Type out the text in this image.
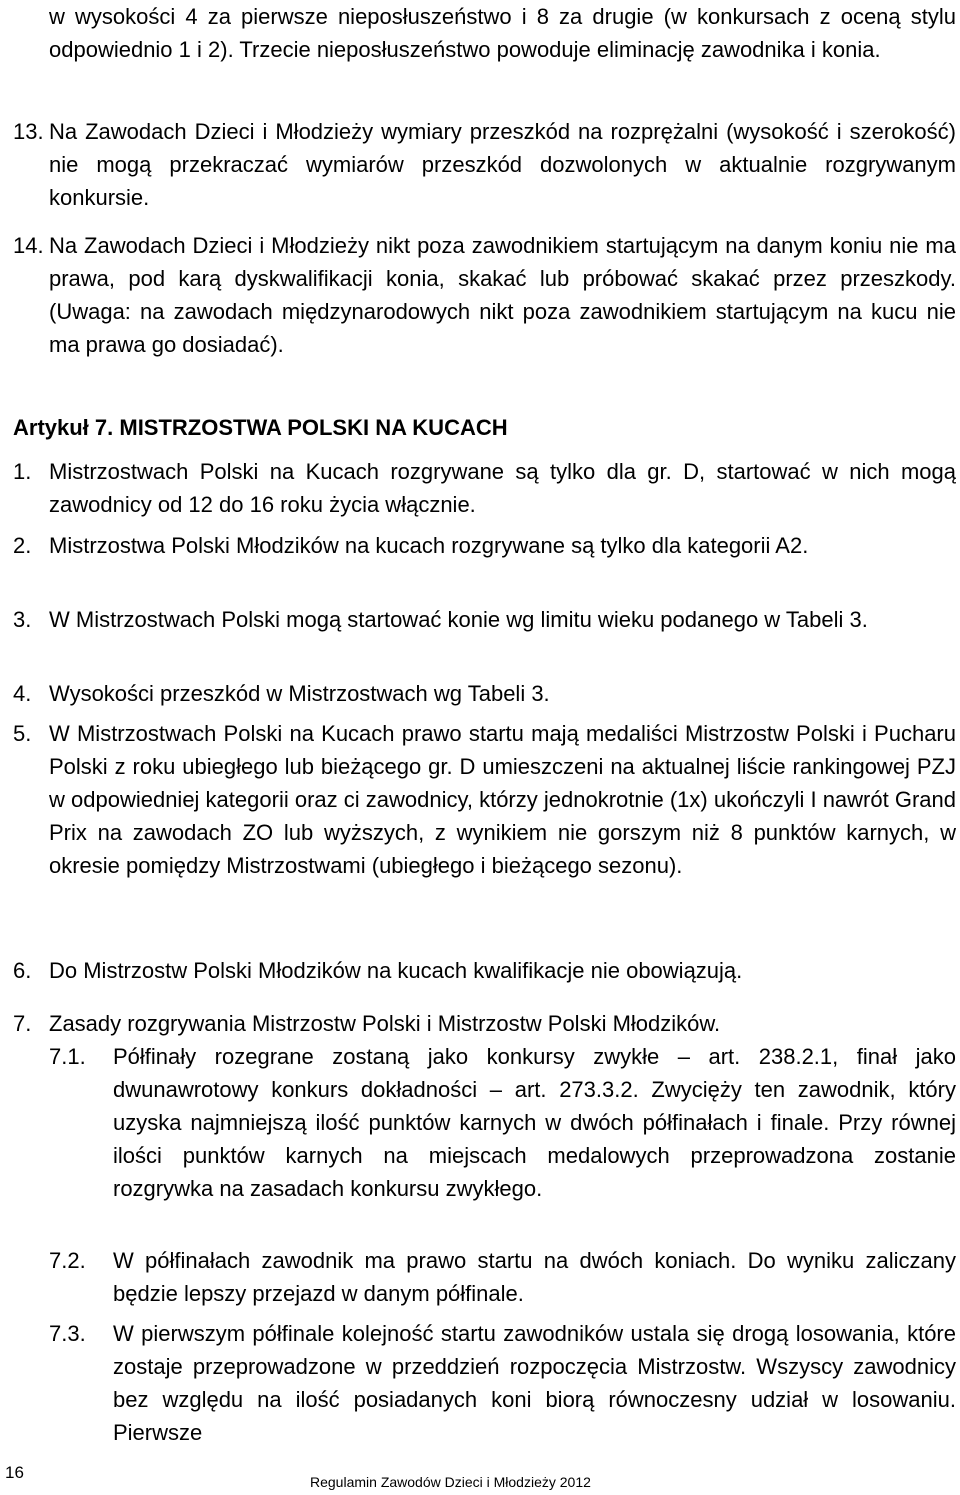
w wysokości 4 za pierwsze nieposłuszeństwo i 8 za drugie (w konkursach z oceną stylu odpowiednio 1 i 2). Trzecie nieposłuszeństwo powoduje eliminację zawodnika i konia.

13. Na Zawodach Dzieci i Młodzieży wymiary przeszkód na rozprężalni (wysokość i szerokość) nie mogą przekraczać wymiarów przeszkód dozwolonych w aktualnie rozgrywanym konkursie.

14. Na Zawodach Dzieci i Młodzieży nikt poza zawodnikiem startującym na danym koniu nie ma prawa, pod karą dyskwalifikacji konia, skakać lub próbować skakać przez przeszkody. (Uwaga: na zawodach międzynarodowych nikt poza zawodnikiem startującym na kucu nie ma prawa go dosiadać).

Artykuł 7. MISTRZOSTWA POLSKI NA KUCACH
1. Mistrzostwach Polski na Kucach rozgrywane są tylko dla gr. D, startować w nich mogą zawodnicy od 12 do 16 roku życia włącznie.

2. Mistrzostwa Polski Młodzików na kucach rozgrywane są tylko dla kategorii A2.

3. W Mistrzostwach Polski mogą startować konie wg limitu wieku podanego w Tabeli 3.

4. Wysokości przeszkód w Mistrzostwach wg Tabeli 3.

5. W Mistrzostwach Polski na Kucach prawo startu mają medaliści Mistrzostw Polski i Pucharu Polski z roku ubiegłego lub bieżącego gr. D umieszczeni na aktualnej liście rankingowej PZJ w odpowiedniej kategorii oraz ci zawodnicy, którzy jednokrotnie (1x) ukończyli I nawrót Grand Prix na zawodach ZO lub wyższych, z wynikiem nie gorszym niż 8 punktów karnych, w okresie pomiędzy Mistrzostwami (ubiegłego i bieżącego sezonu).

6. Do Mistrzostw Polski Młodzików na kucach kwalifikacje nie obowiązują.

7. Zasady rozgrywania Mistrzostw Polski i Mistrzostw Polski Młodzików.

7.1. Półfinały rozegrane zostaną jako konkursy zwykłe – art. 238.2.1, finał jako dwunawrotowy konkurs dokładności – art. 273.3.2. Zwycięży ten zawodnik, który uzyska najmniejszą ilość punktów karnych w dwóch półfinałach i finale. Przy równej ilości punktów karnych na miejscach medalowych przeprowadzona zostanie rozgrywka na zasadach konkursu zwykłego.

7.2. W półfinałach zawodnik ma prawo startu na dwóch koniach. Do wyniku zaliczany będzie lepszy przejazd w danym półfinale.

7.3. W pierwszym półfinale kolejność startu zawodników ustala się drogą losowania, które zostaje przeprowadzone w przeddzień rozpoczęcia Mistrzostw. Wszyscy zawodnicy bez względu na ilość posiadanych koni biorą równoczesny udział w losowaniu. Pierwsze

16	Regulamin Zawodów Dzieci i Młodzieży 2012
